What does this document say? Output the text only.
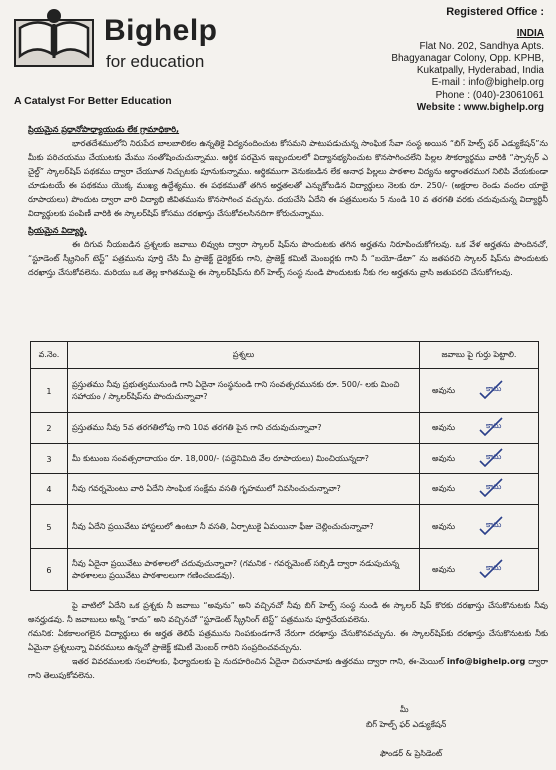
Bighelp
for education
A Catalyst For Better Education
Registered Office :
INDIA
Flat No. 202, Sandhya Apts.
Bhagyanagar Colony, Opp. KPHB,
Kukatpally, Hyderabad, India
E-mail : info@bighelp.org
Phone : (040)-23061061
Website : www.bighelp.org
ప్రియమైన ప్రధానోపాధ్యాయుడు లేక గ్రామాధికారి,
భారతదేశములోని నిరుపేద బాలబాలికల ఉన్నతికై విద్యనందించుట కోసమని పాటుపడుచున్న సాంఘిక సేవా సంస్థ అయిన “బిగ్ హెల్ప్ ఫర్ ఎడ్యుకేషన్”ను మీకు పరిచయము చేయుటకు మేము సంతోషించుచున్నాము. ఆర్థిక పరమైన ఇబ్బందులలో విద్యానభ్యసించుట కొనసాగించలేని పిల్లల సౌకర్యార్థము వారికి “స్పాన్సర్ ఎ చైల్డ్” స్కాలర్‌షిప్ పథకము ద్వారా చేయూత నిచ్చుటకు పూనుకున్నాము. ఆర్థికముగా వెనుకబడిన లేక అనాధ పిల్లలు పాఠశాల విద్యను అర్థాంతరముగ నిలిపి వేయకుండా చూడుటయే ఈ పథకము యొక్క ముఖ్య ఉద్దేశ్యము. ఈ పథకముతో తగిన అర్హతలతో ఎన్నుకోబడిన విద్యార్థులు నెలకు రూ. 250/- (అక్షరాల రెండు వందల యాభై రూపాయలు) పొందుట ద్వారా వారి విద్యాభి జీవితమును కొనసాగించ వచ్చును. దయచేసి ఏదేని ఈ పత్రములను 5 నుండి 10 వ తరగతి వరకు చదువుచున్న విద్యార్థినీ విద్యార్థులకు పంపిణీ వారికి ఈ స్కాలర్‌షిప్ కోసము దరఖాస్తు చేసుకోవలసినదిగా కోరుచున్నాము.
ప్రియమైన విద్యార్థి,
ఈ దిగువ నీయబడిన ప్రశ్నలకు జవాబు లివ్వుట ద్వారా స్కాలర్ షిప్‌ను పొందుటకు తగిన అర్హతను నిరూపించుకోగలవు. ఒక వేళ అర్హతను పొందినచో, “స్టూడెంట్ స్క్రీనింగ్ టెస్ట్” పత్రమును పూర్తి చేసి మీ ప్రాజెక్ట్ డైరెక్టర్‌కు గాని, ప్రాజెక్ట్ కమిటీ మెంబర్లకు గాని నీ “బయో-డేటా” ను జతపరచి స్కాలర్ షిప్‌ను పొందుటకు దరఖాస్తు చేసుకోవలెను. మరియు ఒక తెల్ల కాగితముపై ఈ స్కాలర్‌షిప్‌ను బిగ్ హెల్ప్ సంస్థ నుండి పొందుటకు నీకు గల అర్హతను వ్రాసి జతుపరచి చేసుకోగలవు.
వ.నెం.	ప్రశ్నలు	జవాబు పై గుర్తు పెట్టాలి.
1	ప్రస్తుతము నీవు ప్రభుత్వమునుండి గాని ఏదైనా సంస్థనుండి గాని సంవత్సరమునకు రూ. 500/- లకు మించి సహాయం / స్కాలర్‌షిప్‌ను పొందుచున్నావా?	అవును కాదు

2	ప్రస్తుతము నీవు 5వ తరగతిలోపు గాని 10వ తరగతి పైన గాని చదువుచున్నావా?	అవును కాదు

3	మీ కుటుంబ సంవత్సరాదాయం రూ. 18,000/- (పద్దెనిమిది వేల రూపాయలు) మించియున్నదా?	అవును కాదు

4	నీవు గవర్నమెంటు వారి ఏదేని సాంఘిక సంక్షేమ వసతి గృహములో నివసించుచున్నావా?	అవును కాదు

5	నీవు ఏదేని ప్రయివేటు హాస్టలులో ఉంటూ నీ వసతి, ఏర్పాటుకై ఏమయినా ఫీజు చెల్లించుచున్నావా?	అవును కాదు

6	నీవు ఏదైనా ప్రయివేటు పాఠశాలలో చదువుచున్నావా? (గమనిక - గవర్నమెంట్ సబ్సిడీ ద్వారా నడుపుచున్న పాఠశాలలు ప్రయివేటు పాఠశాలలుగా గణించబడవు).	అవును కాదు
పై వాటిలో ఏదేని ఒక ప్రశ్నకు నీ జవాబు “అవును” అని వచ్చినచో నీవు బిగ్ హెల్ప్ సంస్థ నుండి ఈ స్కాలర్ షిప్ కొరకు దరఖాస్తు చేసుకొనుటకు నీవు అనర్హుడవు. నీ జవాబులు అన్నీ “కాదు” అని వచ్చినచో “స్టూడెంట్ స్క్రీనింగ్ టెస్ట్” పత్రమును పూర్తిచేయవలెను.
గమనిక: ఏకకాలంగలైన విద్యార్థులు ఈ అర్హత తెలిపే పత్రమును నింపకుండగానే నేరుగా దరఖాస్తు చేసుకొనవచ్చును. ఈ స్కాలర్‌షిప్‌కు దరఖాస్తు చేసుకొనుటకు నీకు ఏమైనా ప్రశ్నలున్నా వివరములు ఉన్నచో ప్రాజెక్ట్ కమిటీ మెంబర్ గారిని సంప్రదించవచ్చును.
ఇతర వివరములకు సలహాలకు, ఫిర్యాదులకు పై నుదహరించిన ఏదైనా చిరునామాకు ఉత్తరము ద్వారా గాని, ఈ-మెయిల్ info@bighelp.org ద్వారా గాని తెలుపుకోవలెను.
మీ
బిగ్ హెల్ప్ ఫర్ ఎడ్యుకేషన్
ఫౌండర్ & ప్రెసిడెంట్
